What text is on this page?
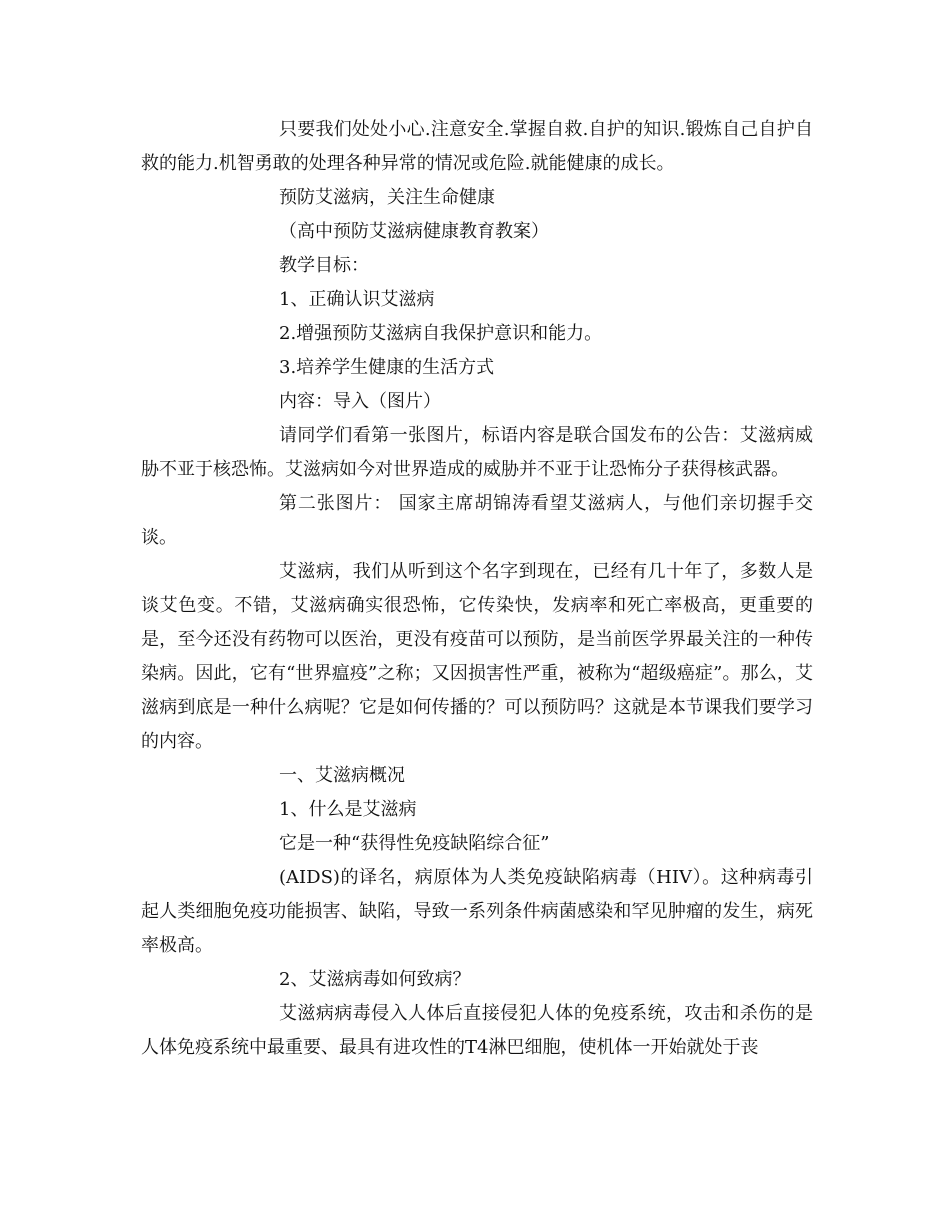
只要我们处处小心.注意安全.掌握自救.自护的知识.锻炼自己自护自救的能力.机智勇敢的处理各种异常的情况或危险.就能健康的成长。

预防艾滋病，关注生命健康

（高中预防艾滋病健康教育教案）

教学目标：

1、正确认识艾滋病

2.增强预防艾滋病自我保护意识和能力。

3.培养学生健康的生活方式

内容：导入（图片）

请同学们看第一张图片，标语内容是联合国发布的公告：艾滋病威胁不亚于核恐怖。艾滋病如今对世界造成的威胁并不亚于让恐怖分子获得核武器。

第二张图片： 国家主席胡锦涛看望艾滋病人，与他们亲切握手交谈。

艾滋病，我们从听到这个名字到现在，已经有几十年了，多数人是谈艾色变。不错，艾滋病确实很恐怖，它传染快，发病率和死亡率极高，更重要的是，至今还没有药物可以医治，更没有疫苗可以预防，是当前医学界最关注的一种传染病。因此，它有“世界瘟疫”之称；又因损害性严重，被称为“超级癌症”。那么，艾滋病到底是一种什么病呢？它是如何传播的？可以预防吗？这就是本节课我们要学习的内容。

一、艾滋病概况

1、什么是艾滋病

它是一种“获得性免疫缺陷综合征”

(AIDS)的译名，病原体为人类免疫缺陷病毒（HIV）。这种病毒引起人类细胞免疫功能损害、缺陷，导致一系列条件病菌感染和罕见肿瘤的发生，病死率极高。

2、艾滋病毒如何致病？

艾滋病病毒侵入人体后直接侵犯人体的免疫系统，攻击和杀伤的是人体免疫系统中最重要、最具有进攻性的T4淋巴细胞，使机体一开始就处于丧
